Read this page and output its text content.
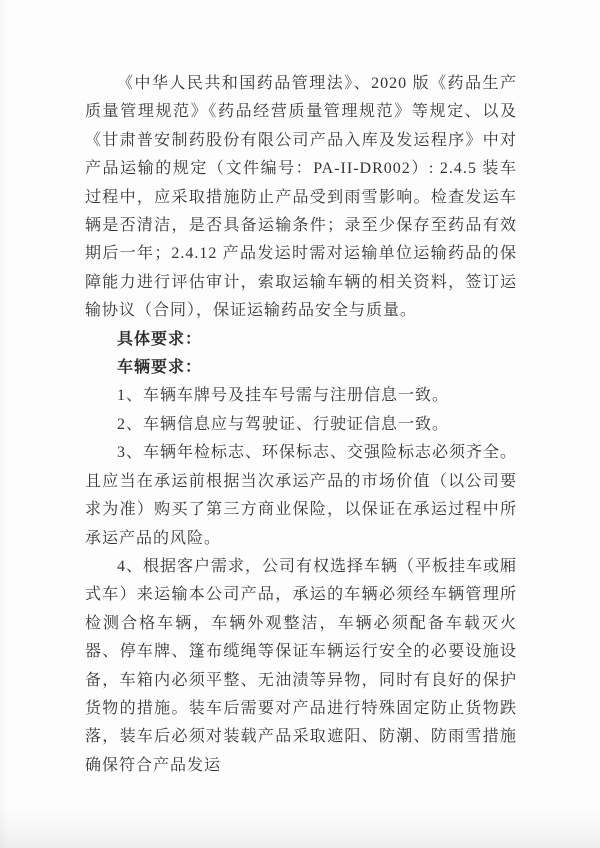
《中华人民共和国药品管理法》、2020 版《药品生产质量管理规范》《药品经营质量管理规范》等规定、以及《甘肃普安制药股份有限公司产品入库及发运程序》中对产品运输的规定（文件编号：PA-II-DR002）: 2.4.5 装车过程中，应采取措施防止产品受到雨雪影响。检查发运车辆是否清洁，是否具备运输条件；录至少保存至药品有效期后一年；2.4.12 产品发运时需对运输单位运输药品的保障能力进行评估审计，索取运输车辆的相关资料，签订运输协议（合同），保证运输药品安全与质量。

具体要求：

车辆要求：

1、车辆车牌号及挂车号需与注册信息一致。

2、车辆信息应与驾驶证、行驶证信息一致。

3、车辆年检标志、环保标志、交强险标志必须齐全。且应当在承运前根据当次承运产品的市场价值（以公司要求为准）购买了第三方商业保险，以保证在承运过程中所承运产品的风险。

4、根据客户需求，公司有权选择车辆（平板挂车或厢式车）来运输本公司产品，承运的车辆必须经车辆管理所检测合格车辆，车辆外观整洁，车辆必须配备车载灭火器、停车牌、篷布缆绳等保证车辆运行安全的必要设施设备，车箱内必须平整、无油渍等异物，同时有良好的保护货物的措施。装车后需要对产品进行特殊固定防止货物跌落，装车后必须对装载产品采取遮阳、防潮、防雨雪措施确保符合产品发运
